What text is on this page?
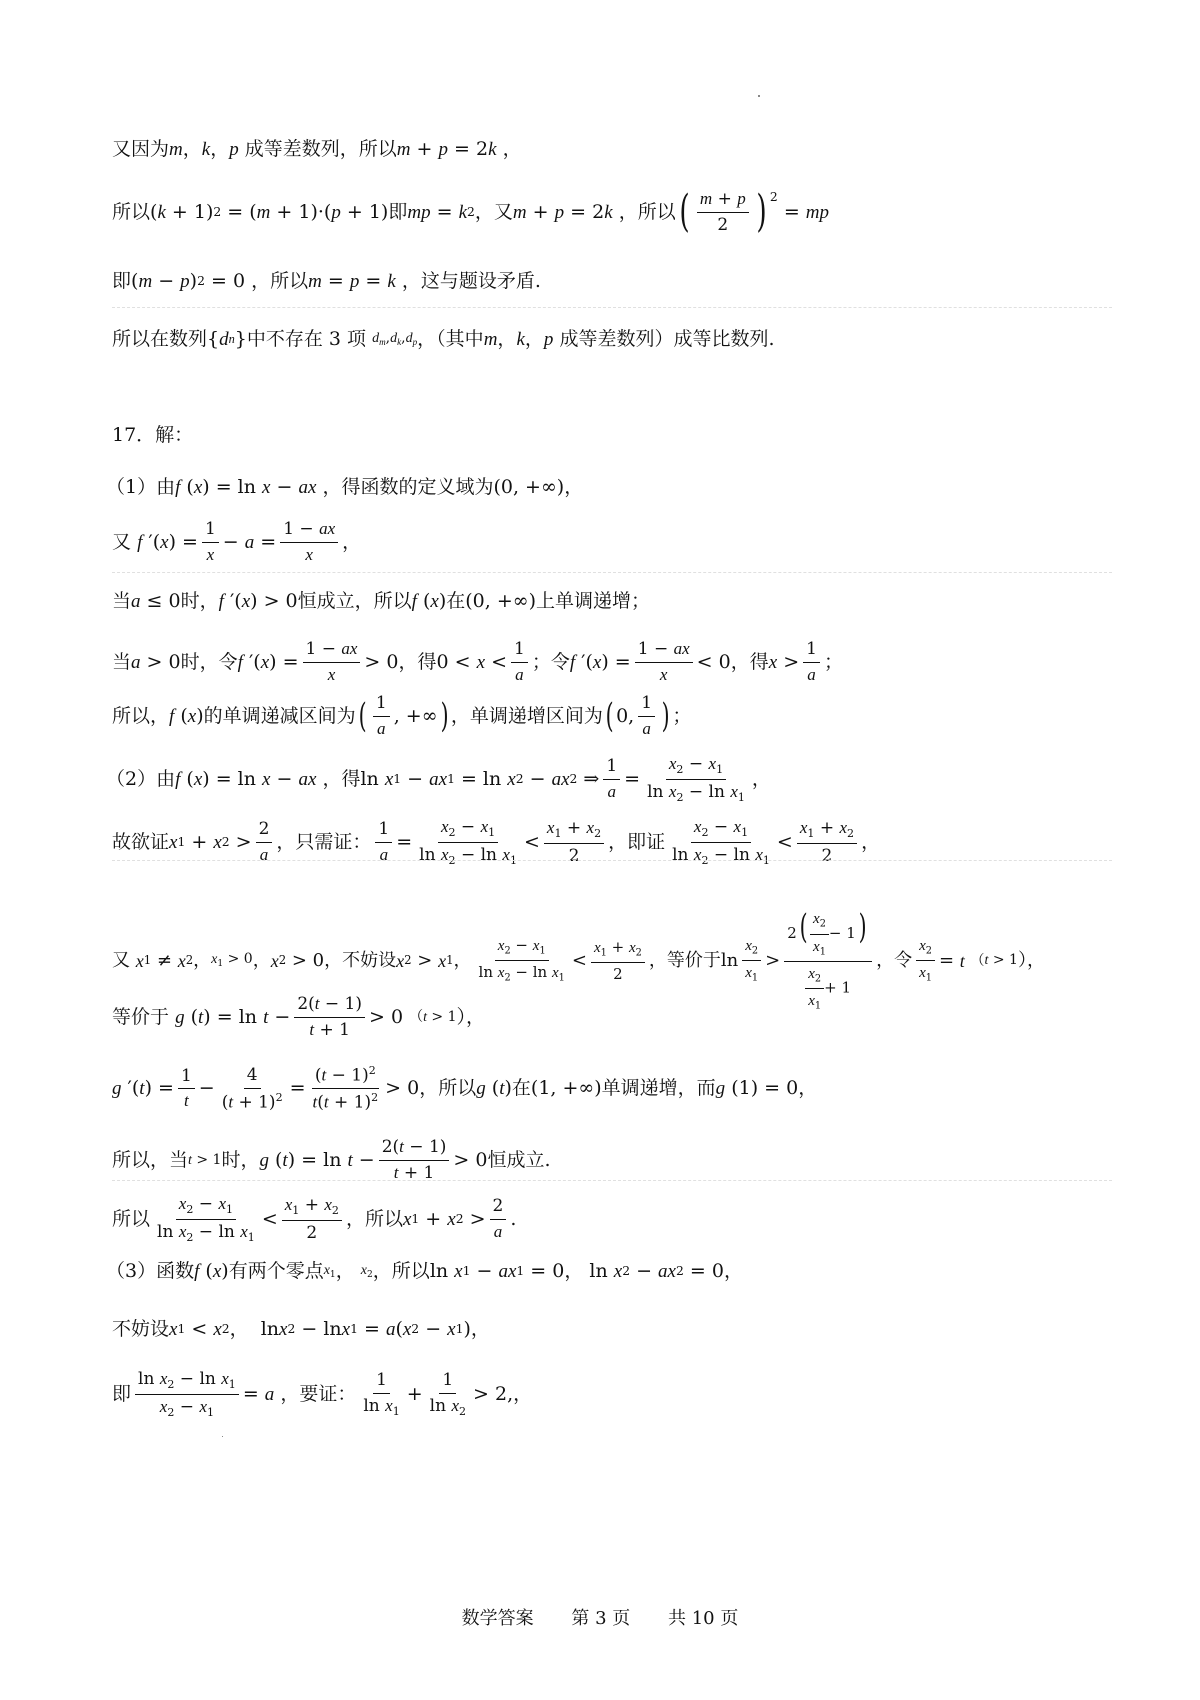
又因为 m ， k ， p
成等差数列，所以 m + p = 2 k
，
所以 ( k + 1) 2 = ( m + 1)·( p + 1) 即 mp = k 2 ，又 m + p = 2 k
，所以 ( $\frac{m + p}{2}$ ) 2
= mp
即 ( m − p ) 2 = 0 ，所以 m = p = k
，这与题设矛盾.
所以在数列 { d n } 中不存在 3 项
$d_m,d_k,d_p$ ，（其中 m ， k ， p
成等差数列）成等比数列.
17．解：
（1）由 f ( x ) = ln x − ax
，得函数的定义域为 (0, +∞) ，
又
f ′( x ) = $\frac{1}{x} - a = \frac{1 - ax}{x}$ ，
当 a ≤ 0 时， f ′( x ) > 0 恒成立，所以 f ( x ) 在 (0, +∞) 上单调递增；
当 a > 0 时，令 f ′( x ) = $\frac{1 - ax}{x} > 0$ ，得 $0 < x < \frac{1}{a}$ ；令 f ′( x ) = $\frac{1 - ax}{x} < 0$ ，得 $x > \frac{1}{a}$ ；
所以， f ( x ) 的单调递减区间为 ( $\frac{1}{a}$ , +∞ ) ，单调递增区间为 ( 0, $\frac{1}{a}$ ) ；
（2）由 f ( x ) = ln x − ax
，得 ln x 1 − ax 1 = ln x 2 − ax 2 ⇒ $\frac{1}{a} = \frac{x_2 - x_1}{\ln x_2 - \ln x_1}$ ，
故欲证 x 1 + x $2 > \frac{2}{a}$ ，只需证： $\frac{1}{a} = \frac{x_2 - x_1}{\ln x_2 - \ln x_1} < \frac{x_1 + x_2}{2}$ ，即证 $\frac{x_2 - x_1}{\ln x_2 - \ln x_1} < \frac{x_1 + x_2}{2}$ ，
又
x 1 ≠ x 2 ， $x_1 > 0$ ， x 2 > 0 ，不妨设 x 2 > x 1 ， $\frac{x_2 - x_1}{\ln x_2 - \ln x_1} < \frac{x_1 + x_2}{2}$ ，等价于 $\ln \frac{x_2}{x_1} > \frac{2( \frac{x_2}{x_1} - 1)}{\frac{x_2}{x_1} + 1}$ ，令 $\frac{x_2}{x_1} = t$
（ t > 1 ），
等价于
g ( t ) = $\ln t - \frac{2(t - 1)}{t + 1} > 0$ （ t > 1 ），
g ′( t ) = $\frac{1}{t} - \frac{4}{(t + 1)^2} = \frac{(t - 1)^2}{t(t + 1)^2} > 0$ ，所以 g ( t ) 在 (1, +∞) 单调递增，而 g (1) = 0 ，
所以，当 t > 1 时， g ( t ) = $\ln t - \frac{2(t - 1)}{t + 1} > 0$ 恒成立.
所以 $\frac{x_2 - x_1}{\ln x_2 - \ln x_1} < \frac{x_1 + x_2}{2}$ ，所以 x 1 + x $2 > \frac{2}{a}$ .
（3）函数 f ( x ) 有两个零点 $x_1$ ，
$x_2$ ，所以 ln x 1 − ax 1 = 0， ln x 2 − ax 2 = 0 ，
不妨设 x 1 < x 2 ， ln x 2 − ln x 1 = a ( x 2 − x 1 ) ，
即 $\frac{\ln x_2 - \ln x_1}{x_2 - x_1} = a$
，要证： $\frac{1}{\ln x_1} + \frac{1}{\ln x_2} > 2$, ，
数学答案 第 3 页 共 10 页
